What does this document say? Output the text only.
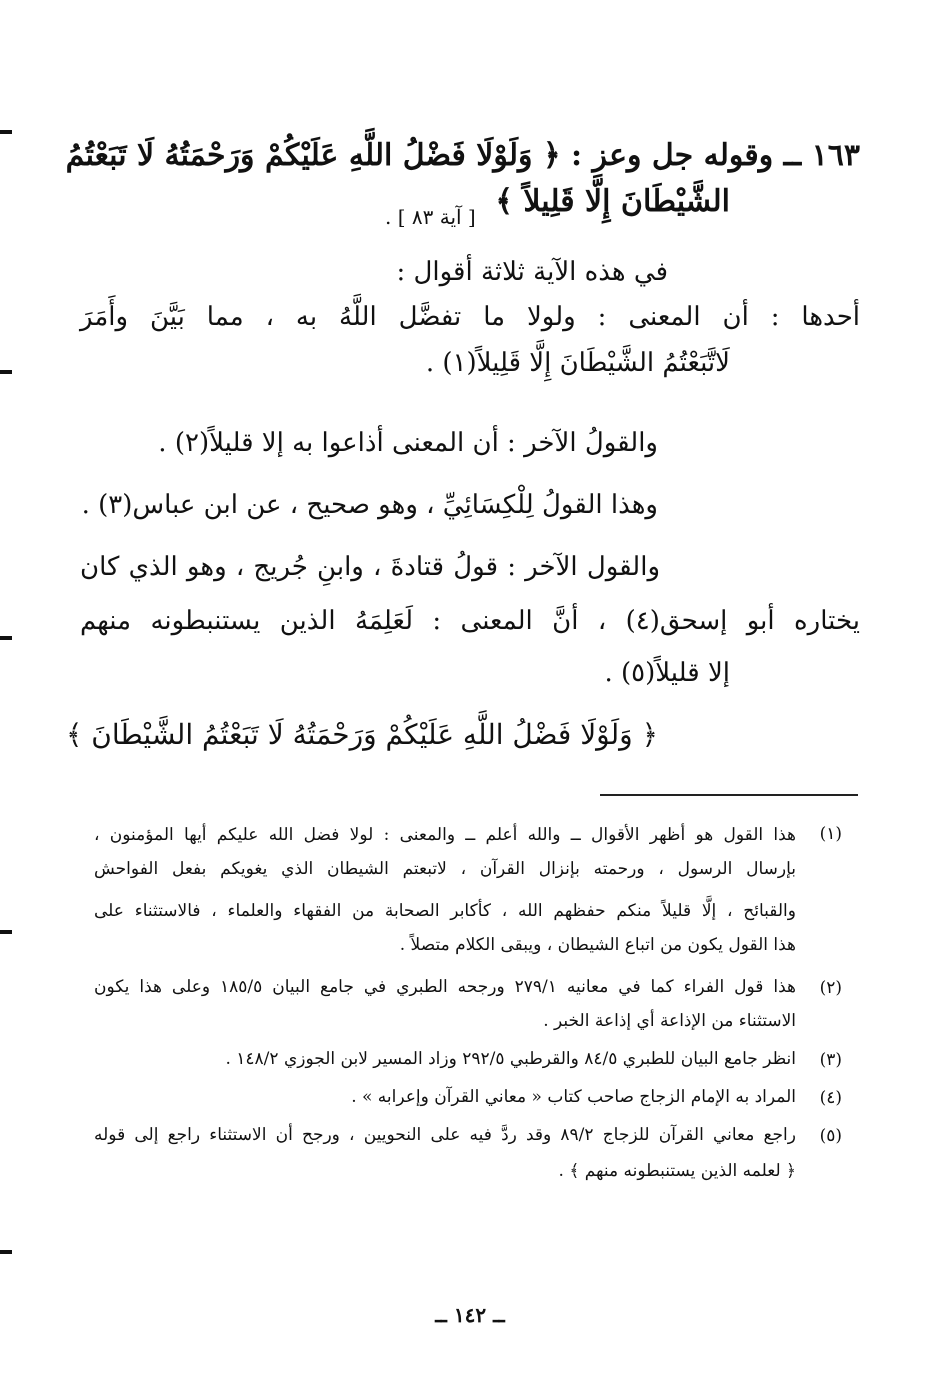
١٦٣ ــ وقوله جل وعز : ﴿ وَلَوْلَا فَضْلُ اللَّهِ عَلَيْكُمْ وَرَحْمَتُهُ لَا تَبَعْتُمُ
الشَّيْطَانَ إِلَّا قَلِيلاً ﴾
[ آية ٨٣ ] .
في هذه الآية ثلاثة أقوال :
أحدها : أن المعنى : ولولا ما تفضَّل اللَّهُ به ، مما بَيَّنَ وأَمَرَ
لَاتَّبَعْتُمُ الشَّيْطَانَ إِلَّا قَلِيلاً(١) .
والقولُ الآخر : أن المعنى أذاعوا به إلا قليلاً(٢) .
وهذا القولُ لِلْكِسَائِيِّ ، وهو صحيح ، عن ابن عباس(٣) .
والقول الآخر : قولُ قتادةَ ، وابنِ جُريج ، وهو الذي كان
يختاره أبو إسحق(٤) ، أنَّ المعنى : لَعَلِمَهُ الذين يستنبطونه منهم
إلا قليلاً(٥) .
﴿ وَلَوْلَا فَضْلُ اللَّهِ عَلَيْكُمْ وَرَحْمَتُهُ لَا تَبَعْتُمُ الشَّيْطَانَ ﴾
(١)
هذا القول هو أظهر الأقوال ــ والله أعلم ــ والمعنى : لولا فضل الله عليكم أيها المؤمنون ،
بإرسال الرسول ، ورحمته بإنزال القرآن ، لاتبعتم الشيطان الذي يغويكم بفعل الفواحش
والقبائح ، إلَّا قليلاً منكم حفظهم الله ، كأكابر الصحابة من الفقهاء والعلماء ، فالاستثناء على
هذا القول يكون من اتباع الشيطان ، ويبقى الكلام متصلاً .
(٢)
هذا قول الفراء كما في معانيه ٢٧٩/١ ورجحه الطبري في جامع البيان ١٨٥/٥ وعلى هذا يكون
الاستثناء من الإذاعة أي إذاعة الخبر .
(٣)
انظر جامع البيان للطبري ٨٤/٥ والقرطبي ٢٩٢/٥ وزاد المسير لابن الجوزي ١٤٨/٢ .
(٤)
المراد به الإمام الزجاج صاحب كتاب « معاني القرآن وإعرابه » .
(٥)
راجع معاني القرآن للزجاج ٨٩/٢ وقد ردَّ فيه على النحويين ، ورجح أن الاستثناء راجع إلى قوله
﴿ لعلمه الذين يستنبطونه منهم ﴾ .
ــ ١٤٢ ــ
